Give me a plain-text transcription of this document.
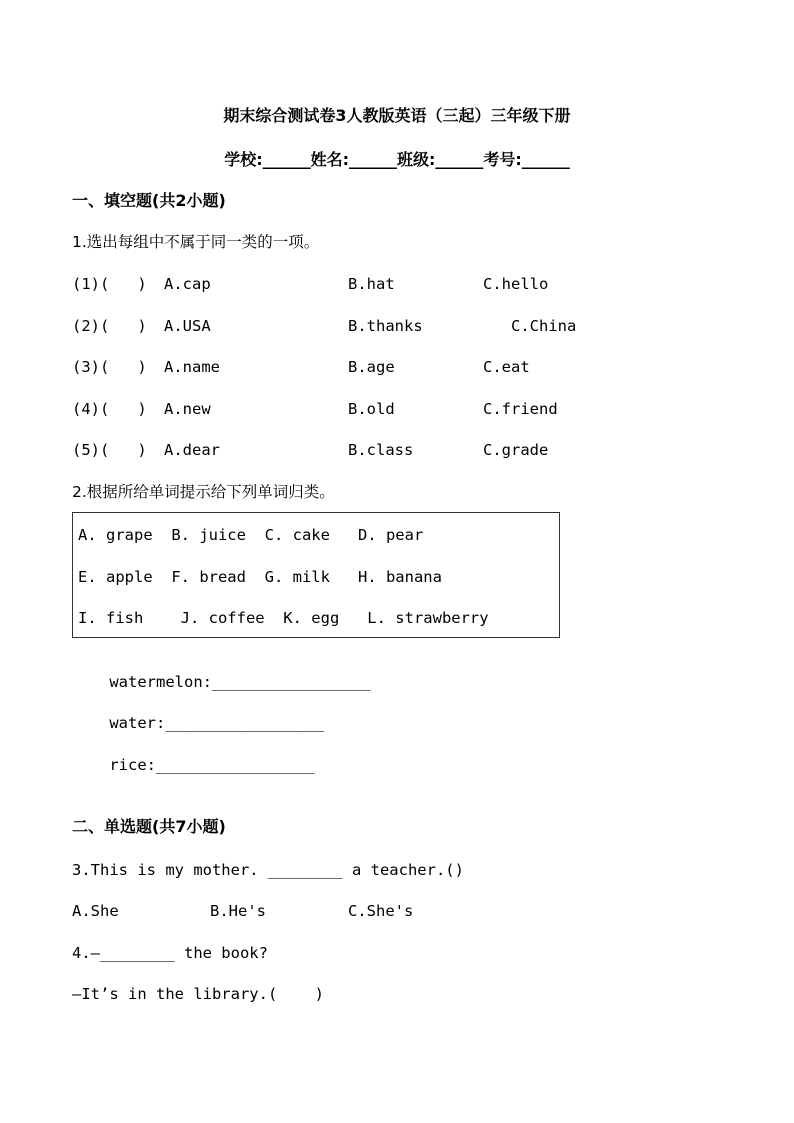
期末综合测试卷3人教版英语（三起）三年级下册
学校:______姓名:______班级:______考号:______
一、填空题(共2小题)
1.选出每组中不属于同一类的一项。
(1)(   ) A.cap	B.hat	C.hello
(2)(   ) A.USA	B.thanks	C.China
(3)(   ) A.name	B.age	C.eat
(4)(   ) A.new	B.old	C.friend
(5)(   ) A.dear	B.class	C.grade
2.根据所给单词提示给下列单词归类。
A. grape  B. juice  C. cake   D. pear
E. apple  F. bread  G. milk   H. banana
I. fish    J. coffee  K. egg   L. strawberry

watermelon:_________________

water:_________________

rice:_________________

二、单选题(共7小题)
3.This is my mother. ________ a teacher.()
A.She	B.He's	C.She's
4.—________ the book?
—It’s in the library.(    )
